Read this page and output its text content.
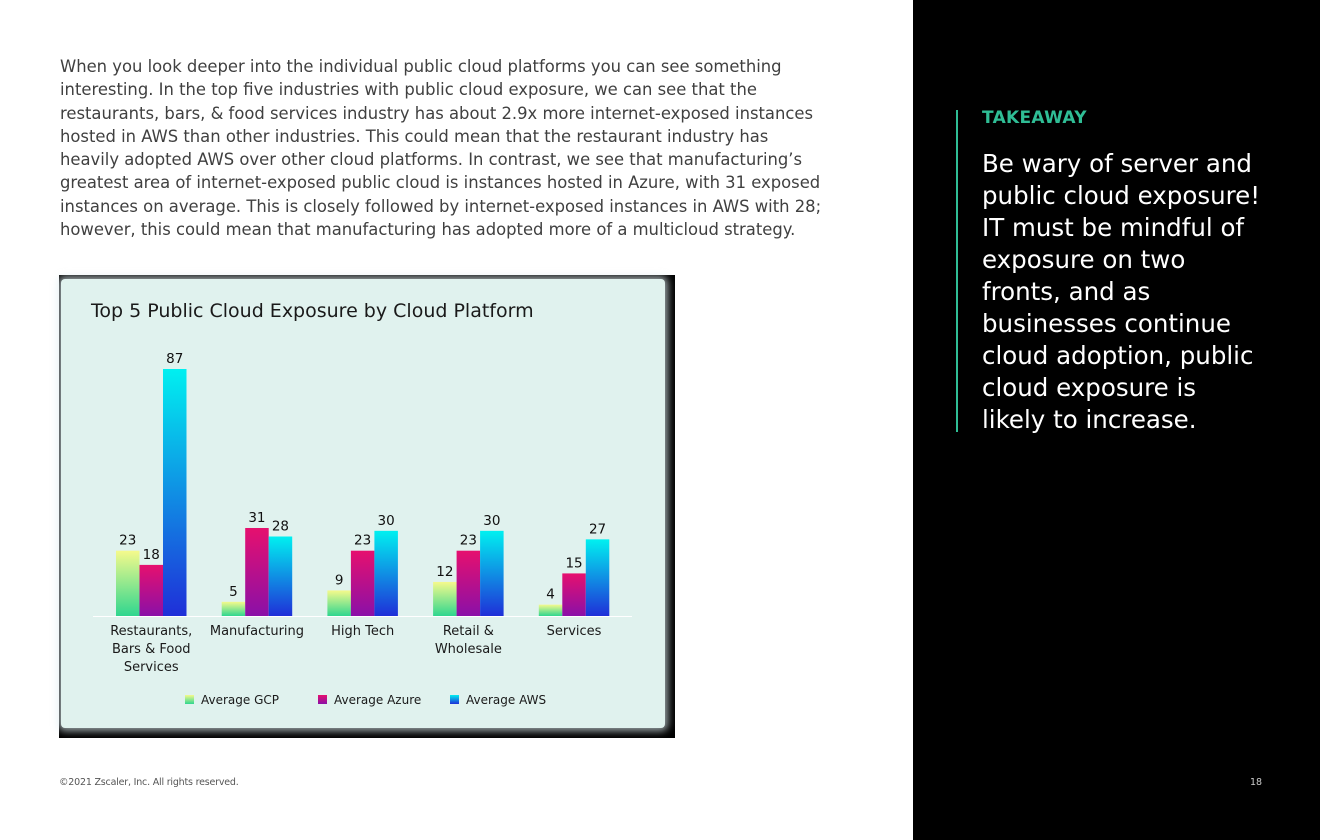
When you look deeper into the individual public cloud platforms you can see something interesting. In the top five industries with public cloud exposure, we can see that the restaurants, bars, & food services industry has about 2.9x more internet-exposed instances hosted in AWS than other industries. This could mean that the restaurant industry has heavily adopted AWS over other cloud platforms. In contrast, we see that manufacturing’s greatest area of internet-exposed public cloud is instances hosted in Azure, with 31 exposed instances on average. This is closely followed by internet-exposed instances in AWS with 28; however, this could mean that manufacturing has adopted more of a multicloud strategy.

Top 5 Public Cloud Exposure by Cloud Platform
23
18
87
Restaurants, Bars & Food Services
5
31
28
Manufacturing
9
23
30
High Tech
12
23
30
Retail & Wholesale
4
15
27
Services
Average GCP	Average Azure	Average AWS
©2021 Zscaler, Inc. All rights reserved.
TAKEAWAY
Be wary of server and public cloud exposure! IT must be mindful of exposure on two fronts, and as businesses continue cloud adoption, public cloud exposure is likely to increase.
18
